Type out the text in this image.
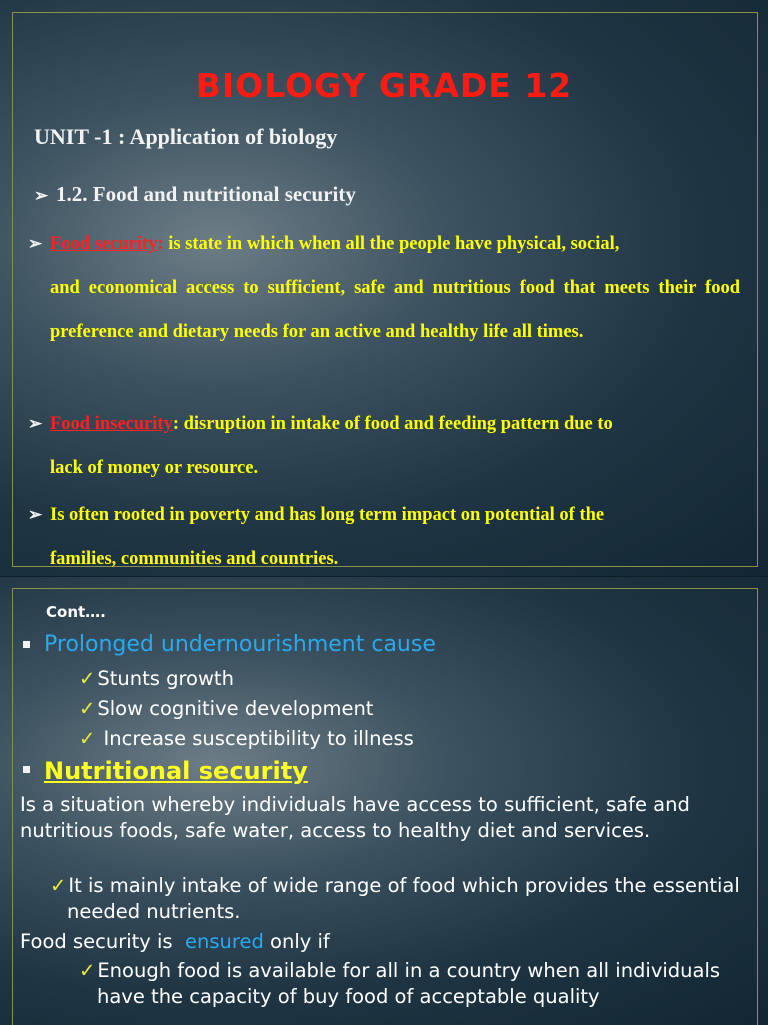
BIOLOGY GRADE 12
UNIT -1 : Application of biology
➢ 1.2. Food and nutritional security
➢ Food security: is state in which when all the people have physical, social,
and economical access to sufficient, safe and nutritious food that meets their food preference and dietary needs for an active and healthy life all times.
➢ Food insecurity: disruption in intake of food and feeding pattern due to
lack of money or resource.
➢ Is often rooted in poverty and has long term impact on potential of the
families, communities and countries.
Cont….
Prolonged undernourishment cause
✓ Stunts growth
✓ Slow cognitive development
✓ Increase susceptibility to illness
Nutritional security
Is a situation whereby individuals have access to sufficient, safe and nutritious foods, safe water, access to healthy diet and services.
✓ It is mainly intake of wide range of food which provides the essential needed nutrients.
Food security is  ensured only if
✓ Enough food is available for all in a country when all individuals have the capacity of buy food of acceptable quality
